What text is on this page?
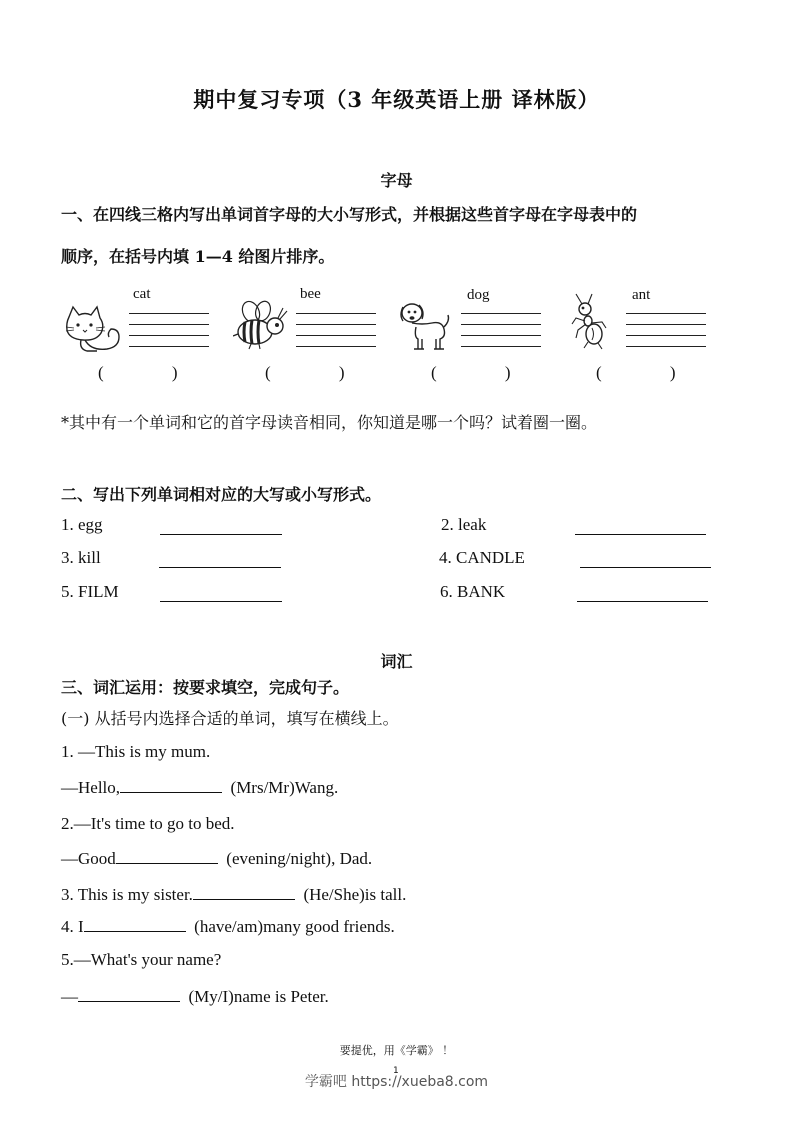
期中复习专项（3 年级英语上册 译林版）
字母
一、在四线三格内写出单词首字母的大小写形式，并根据这些首字母在字母表中的
顺序，在括号内填 1—4 给图片排序。
cat
( )
bee
( )
dog
( )
ant
( )
*其中有一个单词和它的首字母读音相同，你知道是哪一个吗？试着圈一圈。
二、写出下列单词相对应的大写或小写形式。
1. egg	2. leak
3. kill	4. CANDLE
5. FILM	6. BANK
词汇
三、词汇运用：按要求填空，完成句子。
(一) 从括号内选择合适的单词，填写在横线上。
1. —This is my mum.
—Hello,	(Mrs/Mr)Wang.
2.—It's time to go to bed.
—Good	(evening/night), Dad.
3. This is my sister.	(He/She)is tall.
4. I	(have/am)many good friends.
5.—What's your name?
—	(My/I)name is Peter.
要提优，用《学霸》 ！
1
学霸吧 https://xueba8.com
